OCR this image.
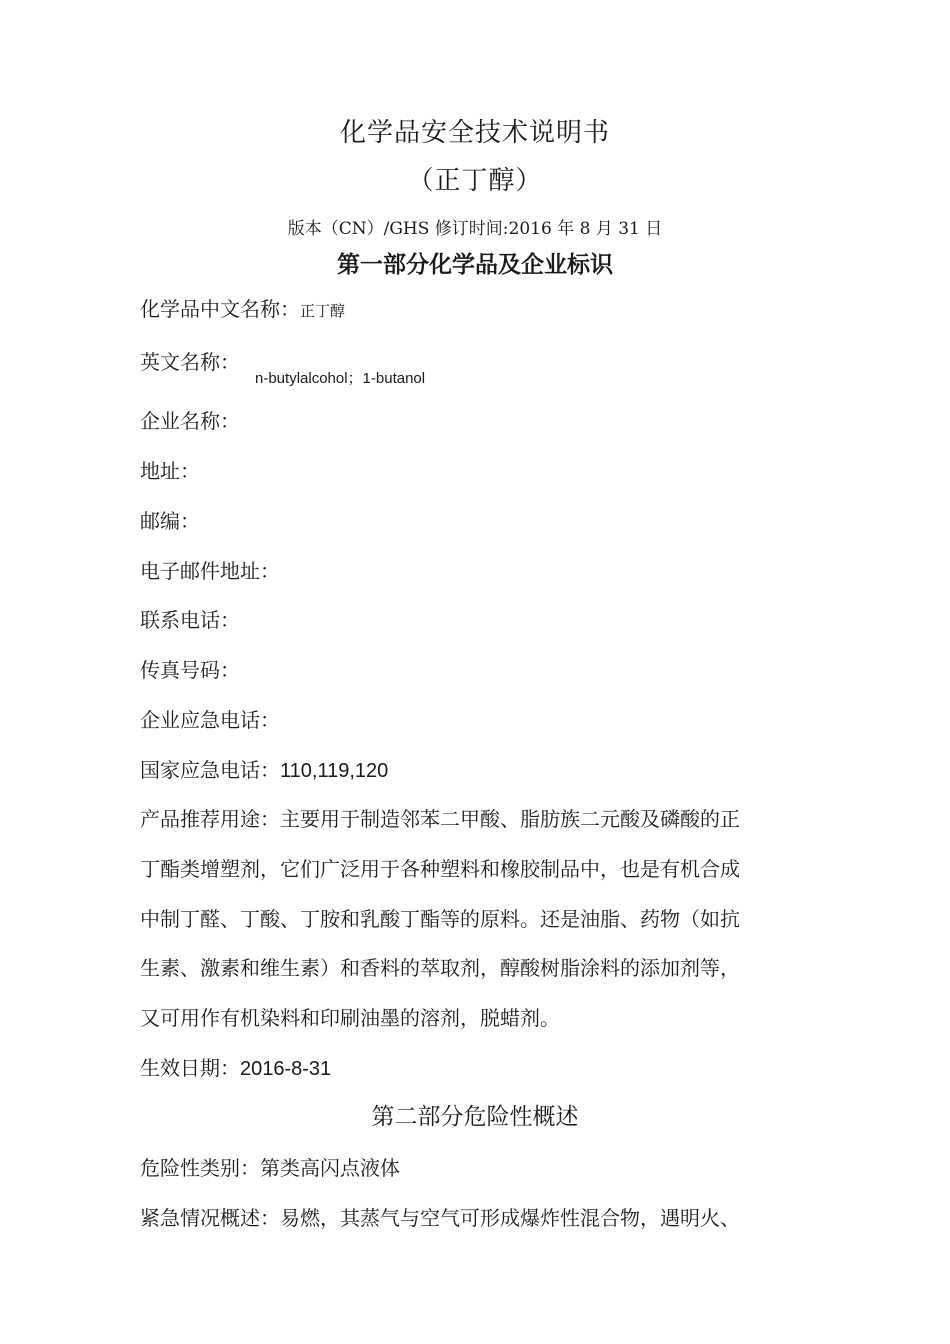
化学品安全技术说明书
（正丁醇）
版本（CN）/GHS 修订时间:2016 年 8 月 31 日
第一部分化学品及企业标识
化学品中文名称：正丁醇
英文名称：
n-butylalcohol；1-butanol
企业名称：
地址：
邮编：
电子邮件地址：
联系电话：
传真号码：
企业应急电话：
国家应急电话：110,119,120
产品推荐用途：主要用于制造邻苯二甲酸、脂肪族二元酸及磷酸的正
丁酯类增塑剂，它们广泛用于各种塑料和橡胶制品中，也是有机合成
中制丁醛、丁酸、丁胺和乳酸丁酯等的原料。还是油脂、药物（如抗
生素、激素和维生素）和香料的萃取剂，醇酸树脂涂料的添加剂等，
又可用作有机染料和印刷油墨的溶剂，脱蜡剂。
生效日期：2016-8-31
第二部分危险性概述
危险性类别：第类高闪点液体
紧急情况概述：易燃，其蒸气与空气可形成爆炸性混合物，遇明火、
